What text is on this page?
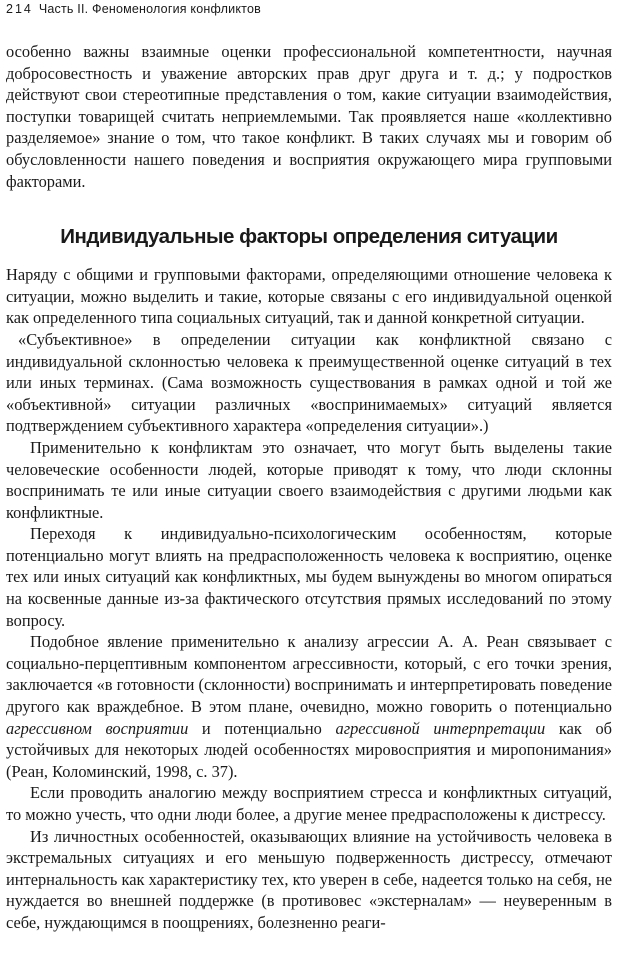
214 Часть II. Феноменология конфликтов

особенно важны взаимные оценки профессиональной компетентности, научная добросовестность и уважение авторских прав друг друга и т. д.; у подростков действуют свои стереотипные представления о том, какие ситуации взаимодействия, поступки товарищей считать неприемлемыми. Так проявляется наше «коллективно разделяемое» знание о том, что такое конфликт. В таких случаях мы и говорим об обусловленности нашего поведения и восприятия окружающего мира групповыми факторами.

Индивидуальные факторы определения ситуации

Наряду с общими и групповыми факторами, определяющими отношение человека к ситуации, можно выделить и такие, которые связаны с его индивидуальной оценкой как определенного типа социальных ситуаций, так и данной конкретной ситуации.

«Субъективное» в определении ситуации как конфликтной связано с индивидуальной склонностью человека к преимущественной оценке ситуаций в тех или иных терминах. (Сама возможность существования в рамках одной и той же «объективной» ситуации различных «воспринимаемых» ситуаций является подтверждением субъективного характера «определения ситуации».)

Применительно к конфликтам это означает, что могут быть выделены такие человеческие особенности людей, которые приводят к тому, что люди склонны воспринимать те или иные ситуации своего взаимодействия с другими людьми как конфликтные.

Переходя к индивидуально-психологическим особенностям, которые потенциально могут влиять на предрасположенность человека к восприятию, оценке тех или иных ситуаций как конфликтных, мы будем вынуждены во многом опираться на косвенные данные из-за фактического отсутствия прямых исследований по этому вопросу.

Подобное явление применительно к анализу агрессии А. А. Реан связывает с социально-перцептивным компонентом агрессивности, который, с его точки зрения, заключается «в готовности (склонности) воспринимать и интерпретировать поведение другого как враждебное. В этом плане, очевидно, можно говорить о потенциально агрессивном восприятии и потенциально агрессивной интерпретации как об устойчивых для некоторых людей особенностях мировосприятия и миропонимания» (Реан, Коломинский, 1998, с. 37).

Если проводить аналогию между восприятием стресса и конфликтных ситуаций, то можно учесть, что одни люди более, а другие менее предрасположены к дистрессу.

Из личностных особенностей, оказывающих влияние на устойчивость человека в экстремальных ситуациях и его меньшую подверженность дистрессу, отмечают интернальность как характеристику тех, кто уверен в себе, надеется только на себя, не нуждается во внешней поддержке (в противовес «экстерналам» — неуверенным в себе, нуждающимся в поощрениях, болезненно реаги-
